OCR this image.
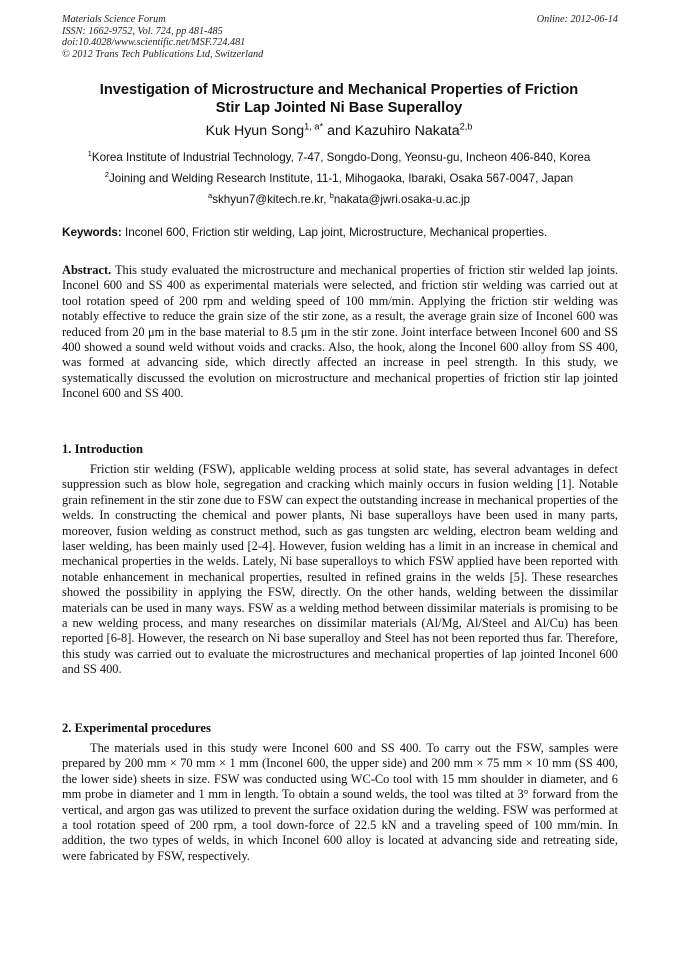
Materials Science Forum
ISSN: 1662-9752, Vol. 724, pp 481-485
doi:10.4028/www.scientific.net/MSF.724.481
© 2012 Trans Tech Publications Ltd, Switzerland
Online: 2012-06-14
Investigation of Microstructure and Mechanical Properties of Friction
Stir Lap Jointed Ni Base Superalloy
Kuk Hyun Song$^{1, a*}$ and Kazuhiro Nakata$^{2,b}$
$^1$Korea Institute of Industrial Technology, 7-47, Songdo-Dong, Yeonsu-gu, Incheon 406-840, Korea
$^2$Joining and Welding Research Institute, 11-1, Mihogaoka, Ibaraki, Osaka 567-0047, Japan
$^a$skhyun7@kitech.re.kr, $^b$nakata@jwri.osaka-u.ac.jp
Keywords: Inconel 600, Friction stir welding, Lap joint, Microstructure, Mechanical properties.
Abstract. This study evaluated the microstructure and mechanical properties of friction stir welded lap joints. Inconel 600 and SS 400 as experimental materials were selected, and friction stir welding was carried out at tool rotation speed of 200 rpm and welding speed of 100 mm/min. Applying the friction stir welding was notably effective to reduce the grain size of the stir zone, as a result, the average grain size of Inconel 600 was reduced from 20 μm in the base material to 8.5 μm in the stir zone. Joint interface between Inconel 600 and SS 400 showed a sound weld without voids and cracks. Also, the hook, along the Inconel 600 alloy from SS 400, was formed at advancing side, which directly affected an increase in peel strength. In this study, we systematically discussed the evolution on microstructure and mechanical properties of friction stir lap jointed Inconel 600 and SS 400.
1. Introduction
Friction stir welding (FSW), applicable welding process at solid state, has several advantages in defect suppression such as blow hole, segregation and cracking which mainly occurs in fusion welding [1]. Notable grain refinement in the stir zone due to FSW can expect the outstanding increase in mechanical properties of the welds. In constructing the chemical and power plants, Ni base superalloys have been used in many parts, moreover, fusion welding as construct method, such as gas tungsten arc welding, electron beam welding and laser welding, has been mainly used [2-4]. However, fusion welding has a limit in an increase in chemical and mechanical properties in the welds. Lately, Ni base superalloys to which FSW applied have been reported with notable enhancement in mechanical properties, resulted in refined grains in the welds [5]. These researches showed the possibility in applying the FSW, directly. On the other hands, welding between the dissimilar materials can be used in many ways. FSW as a welding method between dissimilar materials is promising to be a new welding process, and many researches on dissimilar materials (Al/Mg, Al/Steel and Al/Cu) has been reported [6-8]. However, the research on Ni base superalloy and Steel has not been reported thus far. Therefore, this study was carried out to evaluate the microstructures and mechanical properties of lap jointed Inconel 600 and SS 400.
2. Experimental procedures
The materials used in this study were Inconel 600 and SS 400. To carry out the FSW, samples were prepared by 200 mm × 70 mm × 1 mm (Inconel 600, the upper side) and 200 mm × 75 mm × 10 mm (SS 400, the lower side) sheets in size. FSW was conducted using WC-Co tool with 15 mm shoulder in diameter, and 6 mm probe in diameter and 1 mm in length. To obtain a sound welds, the tool was tilted at 3° forward from the vertical, and argon gas was utilized to prevent the surface oxidation during the welding. FSW was performed at a tool rotation speed of 200 rpm, a tool down-force of 22.5 kN and a traveling speed of 100 mm/min. In addition, the two types of welds, in which Inconel 600 alloy is located at advancing side and retreating side, were fabricated by FSW, respectively.
